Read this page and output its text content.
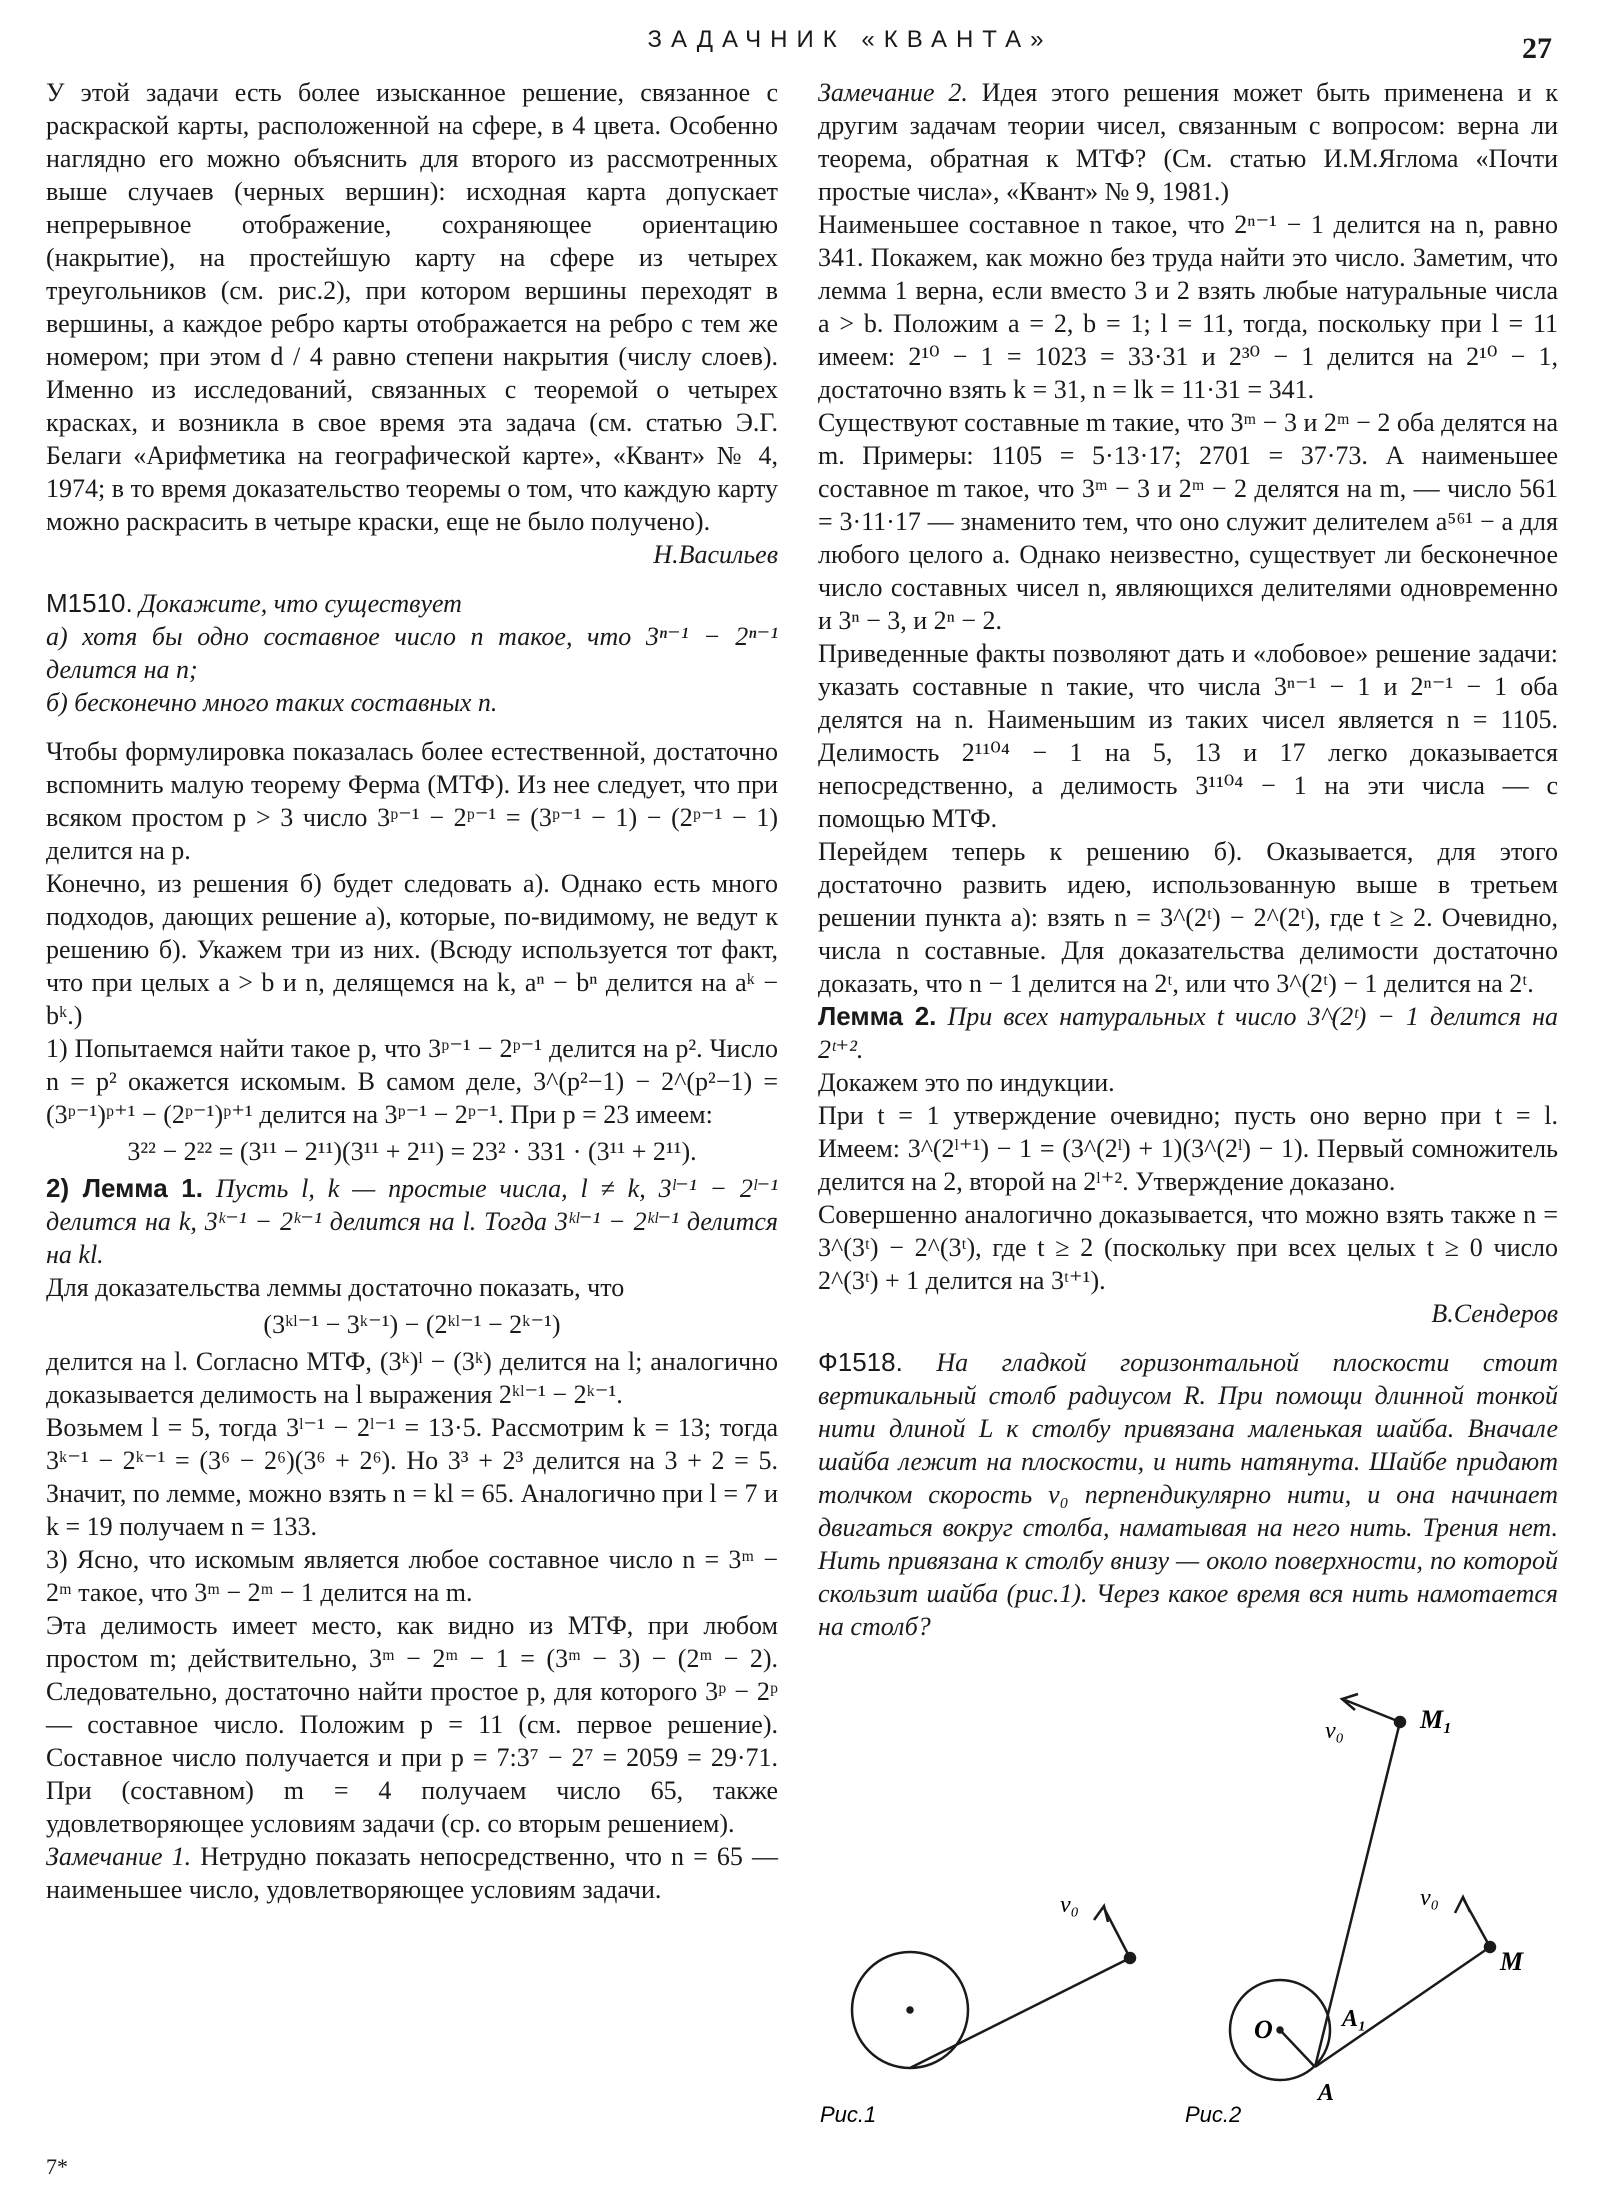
ЗАДАЧНИК «КВАНТА»	27

У этой задачи есть более изысканное решение, связанное с раскраской карты, расположенной на сфере, в 4 цвета. Особенно наглядно его можно объяснить для второго из рассмотренных выше случаев (черных вершин): исходная карта допускает непрерывное отображение, сохраняющее ориентацию (накрытие), на простейшую карту на сфере из четырех треугольников (см. рис.2), при котором вершины переходят в вершины, а каждое ребро карты отображается на ребро с тем же номером; при этом d / 4 равно степени накрытия (числу слоев). Именно из исследований, связанных с теоремой о четырех красках, и возникла в свое время эта задача (см. статью Э.Г. Белаги «Арифметика на географической карте», «Квант» № 4, 1974; в то время доказательство теоремы о том, что каждую карту можно раскрасить в четыре краски, еще не было получено).

Н.Васильев

М1510. Докажите, что существует

а) хотя бы одно составное число n такое, что 3ⁿ⁻¹ − 2ⁿ⁻¹ делится на n;

б) бесконечно много таких составных n.

Чтобы формулировка показалась более естественной, достаточно вспомнить малую теорему Ферма (МТФ). Из нее следует, что при всяком простом p > 3 число 3ᵖ⁻¹ − 2ᵖ⁻¹ = (3ᵖ⁻¹ − 1) − (2ᵖ⁻¹ − 1) делится на p.

Конечно, из решения б) будет следовать а). Однако есть много подходов, дающих решение а), которые, по-видимому, не ведут к решению б). Укажем три из них. (Всюду используется тот факт, что при целых a > b и n, делящемся на k, aⁿ − bⁿ делится на aᵏ − bᵏ.)

1) Попытаемся найти такое p, что 3ᵖ⁻¹ − 2ᵖ⁻¹ делится на p². Число n = p² окажется искомым. В самом деле, 3^(p²−1) − 2^(p²−1) = (3ᵖ⁻¹)ᵖ⁺¹ − (2ᵖ⁻¹)ᵖ⁺¹ делится на 3ᵖ⁻¹ − 2ᵖ⁻¹. При p = 23 имеем:

3²² − 2²² = (3¹¹ − 2¹¹)(3¹¹ + 2¹¹) = 23² · 331 · (3¹¹ + 2¹¹).

2) Лемма 1. Пусть l, k — простые числа, l ≠ k, 3ˡ⁻¹ − 2ˡ⁻¹ делится на k, 3ᵏ⁻¹ − 2ᵏ⁻¹ делится на l. Тогда 3ᵏˡ⁻¹ − 2ᵏˡ⁻¹ делится на kl.

Для доказательства леммы достаточно показать, что

(3ᵏˡ⁻¹ − 3ᵏ⁻¹) − (2ᵏˡ⁻¹ − 2ᵏ⁻¹)

делится на l. Согласно МТФ, (3ᵏ)ˡ − (3ᵏ) делится на l; аналогично доказывается делимость на l выражения 2ᵏˡ⁻¹ − 2ᵏ⁻¹.

Возьмем l = 5, тогда 3ˡ⁻¹ − 2ˡ⁻¹ = 13·5. Рассмотрим k = 13; тогда 3ᵏ⁻¹ − 2ᵏ⁻¹ = (3⁶ − 2⁶)(3⁶ + 2⁶). Но 3³ + 2³ делится на 3 + 2 = 5. Значит, по лемме, можно взять n = kl = 65. Аналогично при l = 7 и k = 19 получаем n = 133.

3) Ясно, что искомым является любое составное число n = 3ᵐ − 2ᵐ такое, что 3ᵐ − 2ᵐ − 1 делится на m.

Эта делимость имеет место, как видно из МТФ, при любом простом m; действительно, 3ᵐ − 2ᵐ − 1 = (3ᵐ − 3) − (2ᵐ − 2). Следовательно, достаточно найти простое p, для которого 3ᵖ − 2ᵖ — составное число. Положим p = 11 (см. первое решение). Составное число получается и при p = 7:3⁷ − 2⁷ = 2059 = 29·71. При (составном) m = 4 получаем число 65, также удовлетворяющее условиям задачи (ср. со вторым решением).

Замечание 1. Нетрудно показать непосредственно, что n = 65 — наименьшее число, удовлетворяющее условиям задачи.

Замечание 2. Идея этого решения может быть применена и к другим задачам теории чисел, связанным с вопросом: верна ли теорема, обратная к МТФ? (См. статью И.М.Яглома «Почти простые числа», «Квант» № 9, 1981.)

Наименьшее составное n такое, что 2ⁿ⁻¹ − 1 делится на n, равно 341. Покажем, как можно без труда найти это число. Заметим, что лемма 1 верна, если вместо 3 и 2 взять любые натуральные числа a > b. Положим a = 2, b = 1; l = 11, тогда, поскольку при l = 11 имеем: 2¹⁰ − 1 = 1023 = 33·31 и 2³⁰ − 1 делится на 2¹⁰ − 1, достаточно взять k = 31, n = lk = 11·31 = 341.

Существуют составные m такие, что 3ᵐ − 3 и 2ᵐ − 2 оба делятся на m. Примеры: 1105 = 5·13·17; 2701 = 37·73. А наименьшее составное m такое, что 3ᵐ − 3 и 2ᵐ − 2 делятся на m, — число 561 = 3·11·17 — знаменито тем, что оно служит делителем a⁵⁶¹ − a для любого целого a. Однако неизвестно, существует ли бесконечное число составных чисел n, являющихся делителями одновременно и 3ⁿ − 3, и 2ⁿ − 2.

Приведенные факты позволяют дать и «лобовое» решение задачи: указать составные n такие, что числа 3ⁿ⁻¹ − 1 и 2ⁿ⁻¹ − 1 оба делятся на n. Наименьшим из таких чисел является n = 1105. Делимость 2¹¹⁰⁴ − 1 на 5, 13 и 17 легко доказывается непосредственно, а делимость 3¹¹⁰⁴ − 1 на эти числа — с помощью МТФ.

Перейдем теперь к решению б). Оказывается, для этого достаточно развить идею, использованную выше в третьем решении пункта а): взять n = 3^(2ᵗ) − 2^(2ᵗ), где t ≥ 2. Очевидно, числа n составные. Для доказательства делимости достаточно доказать, что n − 1 делится на 2ᵗ, или что 3^(2ᵗ) − 1 делится на 2ᵗ.

Лемма 2. При всех натуральных t число 3^(2ᵗ) − 1 делится на 2ᵗ⁺².

Докажем это по индукции.

При t = 1 утверждение очевидно; пусть оно верно при t = l. Имеем: 3^(2ˡ⁺¹) − 1 = (3^(2ˡ) + 1)(3^(2ˡ) − 1). Первый сомножитель делится на 2, второй на 2ˡ⁺². Утверждение доказано.

Совершенно аналогично доказывается, что можно взять также n = 3^(3ᵗ) − 2^(3ᵗ), где t ≥ 2 (поскольку при всех целых t ≥ 0 число 2^(3ᵗ) + 1 делится на 3ᵗ⁺¹).

В.Сендеров

Ф1518. На гладкой горизонтальной плоскости стоит вертикальный столб радиусом R. При помощи длинной тонкой нити длиной L к столбу привязана маленькая шайба. Вначале шайба лежит на плоскости, и нить натянута. Шайбе придают толчком скорость v₀ перпендикулярно нити, и она начинает двигаться вокруг столба, наматывая на него нить. Трения нет. Нить привязана к столбу внизу — около поверхности, по которой скользит шайба (рис.1). Через какое время вся нить намотается на столб?

v₀
Рис.1
v₀	M₁
v₀
M
O	A₁
A
Рис.2
7*
